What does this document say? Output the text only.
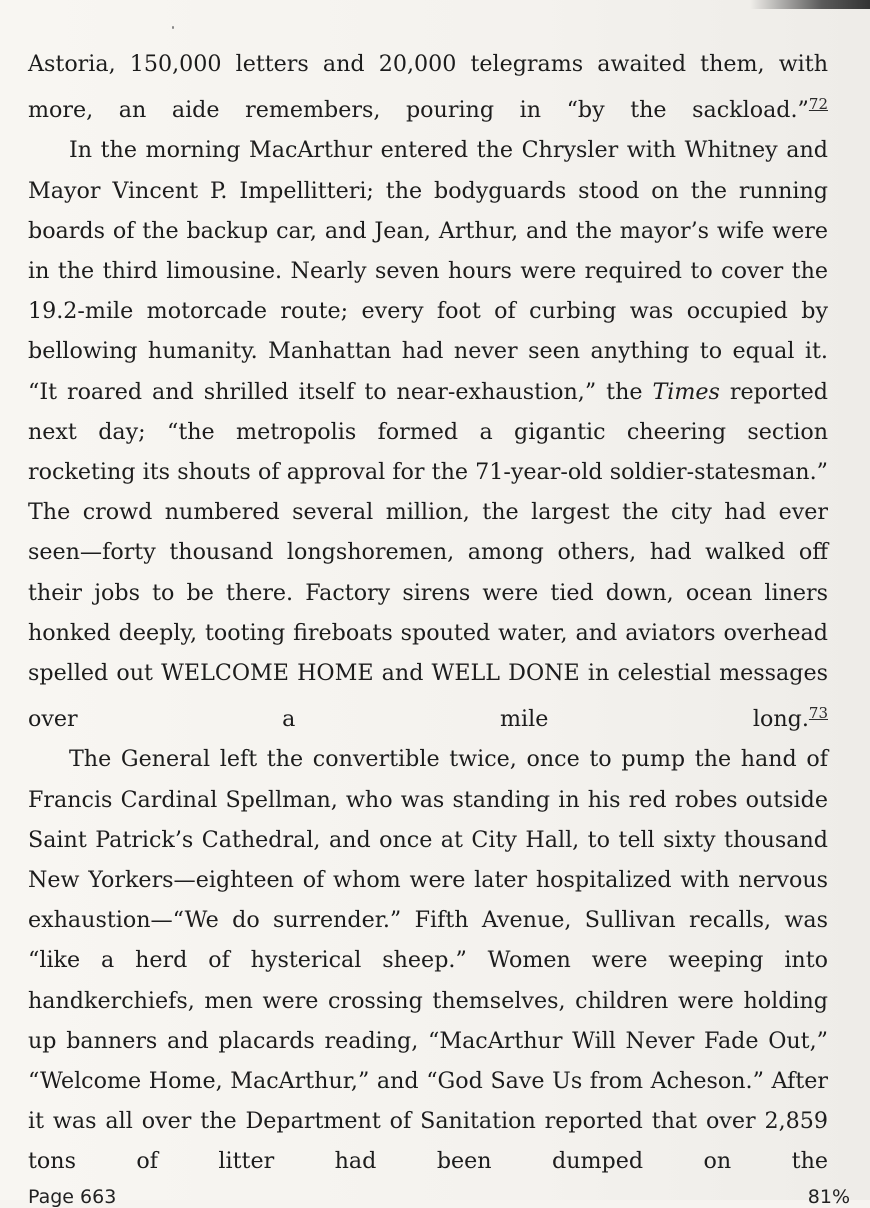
Astoria, 150,000 letters and 20,000 telegrams awaited them, with more, an aide remembers, pouring in “by the sackload.”$^{72}$

In the morning MacArthur entered the Chrysler with Whitney and Mayor Vincent P. Impellitteri; the bodyguards stood on the running boards of the backup car, and Jean, Arthur, and the mayor’s wife were in the third limousine. Nearly seven hours were required to cover the 19.2-mile motorcade route; every foot of curbing was occupied by bellowing humanity. Manhattan had never seen anything to equal it. “It roared and shrilled itself to near-exhaustion,” the Times reported next day; “the metropolis formed a gigantic cheering section rocketing its shouts of approval for the 71-year-old soldier-statesman.” The crowd numbered several million, the largest the city had ever seen—forty thousand longshoremen, among others, had walked off their jobs to be there. Factory sirens were tied down, ocean liners honked deeply, tooting fireboats spouted water, and aviators overhead spelled out WELCOME HOME and WELL DONE in celestial messages over a mile long.$^{73}$

The General left the convertible twice, once to pump the hand of Francis Cardinal Spellman, who was standing in his red robes outside Saint Patrick’s Cathedral, and once at City Hall, to tell sixty thousand New Yorkers—eighteen of whom were later hospitalized with nervous exhaustion—“We do surrender.” Fifth Avenue, Sullivan recalls, was “like a herd of hysterical sheep.” Women were weeping into handkerchiefs, men were crossing themselves, children were holding up banners and placards reading, “MacArthur Will Never Fade Out,” “Welcome Home, MacArthur,” and “God Save Us from Acheson.” After it was all over the Department of Sanitation reported that over 2,859 tons of litter had been dumped on the

Page 663	81%
